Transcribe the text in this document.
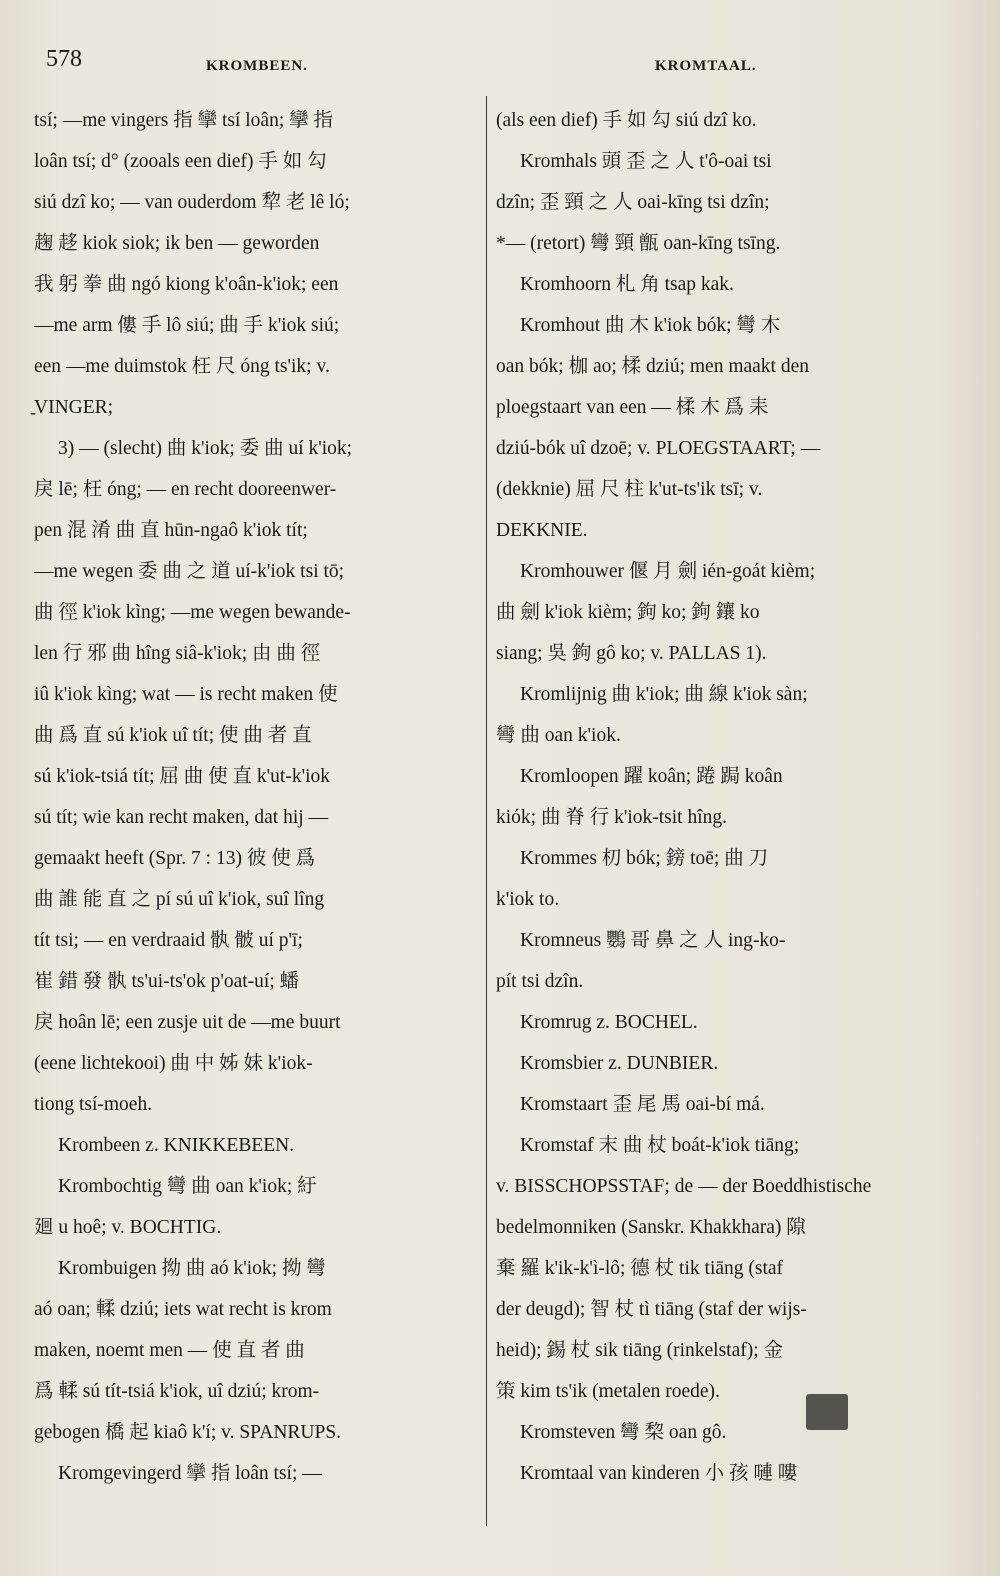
578	KROMBEEN.	KROMTAAL.
-
tsí; —me vingers 指 攣 tsí loân; 攣 指
loân tsí; d° (zooals een dief) 手 如 勾
siú dzî ko; — van ouderdom 犂 老 lê ló;
趜 趍 kiok siok; ik ben — geworden
我 躬 拳 曲 ngó kiong k'oân-k'iok; een
—me arm 僂 手 lô siú; 曲 手 k'iok siú;
een —me duimstok 枉 尺 óng ts'ik; v.
VINGER;
3) — (slecht) 曲 k'iok; 委 曲 uí k'iok;
戾 lē; 枉 óng; — en recht dooreenwer-
pen 混 淆 曲 直 hūn-ngaô k'iok tít;
—me wegen 委 曲 之 道 uí-k'iok tsi tō;
曲 徑 k'iok kìng; —me wegen bewande-
len 行 邪 曲 hîng siâ-k'iok; 由 曲 徑
iû k'iok kìng; wat — is recht maken 使
曲 爲 直 sú k'iok uî tít; 使 曲 者 直
sú k'iok-tsiá tít; 屈 曲 使 直 k'ut-k'iok
sú tít; wie kan recht maken, dat hij —
gemaakt heeft (Spr. 7 : 13) 彼 使 爲
曲 誰 能 直 之 pí sú uî k'iok, suî lîng
tít tsi; — en verdraaid 骫 骳 uí p'ī;
崔 錯 發 骫 ts'ui-ts'ok p'oat-uí; 蟠
戾 hoân lē; een zusje uit de —me buurt
(eene lichtekooi) 曲 中 姊 妹 k'iok-
tiong tsí-moeh.
Krombeen z. KNIKKEBEEN.
Krombochtig 彎 曲 oan k'iok; 紆
廻 u hoê; v. BOCHTIG.
Krombuigen 拗 曲 aó k'iok; 拗 彎
aó oan; 輮 dziú; iets wat recht is krom
maken, noemt men — 使 直 者 曲
爲 輮 sú tít-tsiá k'iok, uî dziú; krom-
gebogen 橋 起 kiaô k'í; v. SPANRUPS.
Kromgevingerd 攣 指 loân tsí; —
(als een dief) 手 如 勾 siú dzî ko.
Kromhals 頭 歪 之 人 t'ô-oai tsi
dzîn; 歪 頸 之 人 oai-kīng tsi dzîn;
*— (retort) 彎 頸 甑 oan-kīng tsīng.
Kromhoorn 札 角 tsap kak.
Kromhout 曲 木 k'iok bók; 彎 木
oan bók; 枷 ao; 楺 dziú; men maakt den
ploegstaart van een — 楺 木 爲 耒
dziú-bók uî dzoē; v. PLOEGSTAART; —
(dekknie) 屈 尺 柱 k'ut-ts'ik tsī; v.
DEKKNIE.
Kromhouwer 偃 月 劍 ién-goát kièm;
曲 劍 k'iok kièm; 鉤 ko; 鉤 鑲 ko
siang; 吳 鉤 gô ko; v. PALLAS 1).
Kromlijnig 曲 k'iok; 曲 線 k'iok sàn;
彎 曲 oan k'iok.
Kromloopen 躍 koân; 踡 跼 koân
kiók; 曲 脊 行 k'iok-tsit hîng.
Krommes 朷 bók; 鎊 toē; 曲 刀
k'iok to.
Kromneus 鸚 哥 鼻 之 人 ing-ko-
pít tsi dzîn.
Kromrug z. BOCHEL.
Kromsbier z. DUNBIER.
Kromstaart 歪 尾 馬 oai-bí má.
Kromstaf 末 曲 杖 boát-k'iok tiāng;
v. BISSCHOPSSTAF; de — der Boeddhistische
bedelmonniken (Sanskr. Khakkhara) 隙
棄 羅 k'ik-k'ì-lô; 德 杖 tik tiāng (staf
der deugd); 智 杖 tì tiāng (staf der wijs-
heid); 錫 杖 sik tiāng (rinkelstaf); 金
策 kim ts'ik (metalen roede).
Kromsteven 彎 棃 oan gô.
Kromtaal van kinderen 小 孩 嗹 嘍
